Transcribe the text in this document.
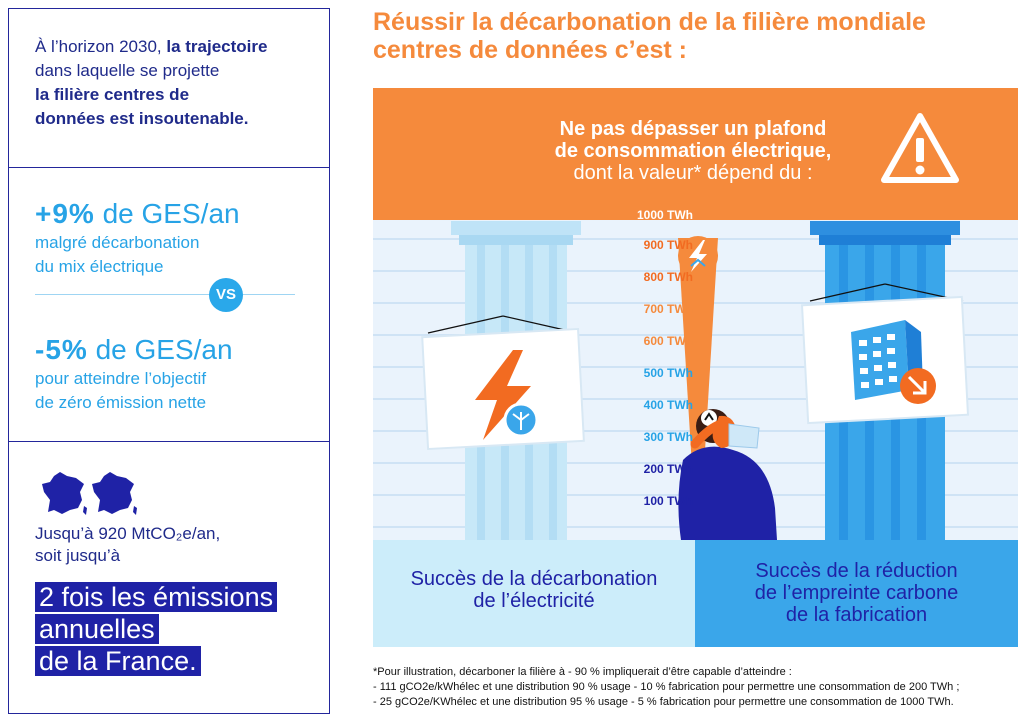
À l’horizon 2030, la trajectoire
dans laquelle se projette
la filière centres de
données est insoutenable.
+9% de GES/an
malgré décarbonation
du mix électrique
VS
-5% de GES/an
pour atteindre l’objectif
de zéro émission nette
Jusqu’à 920 MtCO₂e/an,
soit jusqu’à
2 fois les émissions
annuelles
de la France.
Réussir la décarbonation de la filière mondiale
centres de données c’est :
Ne pas dépasser un plafond
de consommation électrique,
dont la valeur* dépend du :
1000 TWh
900 TWh
800 TWh
700 TWh
600 TWh
500 TWh
400 TWh
300 TWh
200 TWh
100 TWh
Succès de la décarbonation
de l’électricité
Succès de la réduction
de l’empreinte carbone
de la fabrication
*Pour illustration, décarboner la filière à - 90 % impliquerait d’être capable d’atteindre :
- 111 gCO2e/kWhélec et une distribution 90 % usage - 10 % fabrication pour permettre une consommation de 200 TWh ;
- 25 gCO2e/KWhélec et une distribution 95 % usage - 5 % fabrication pour permettre une consommation de 1000 TWh.
